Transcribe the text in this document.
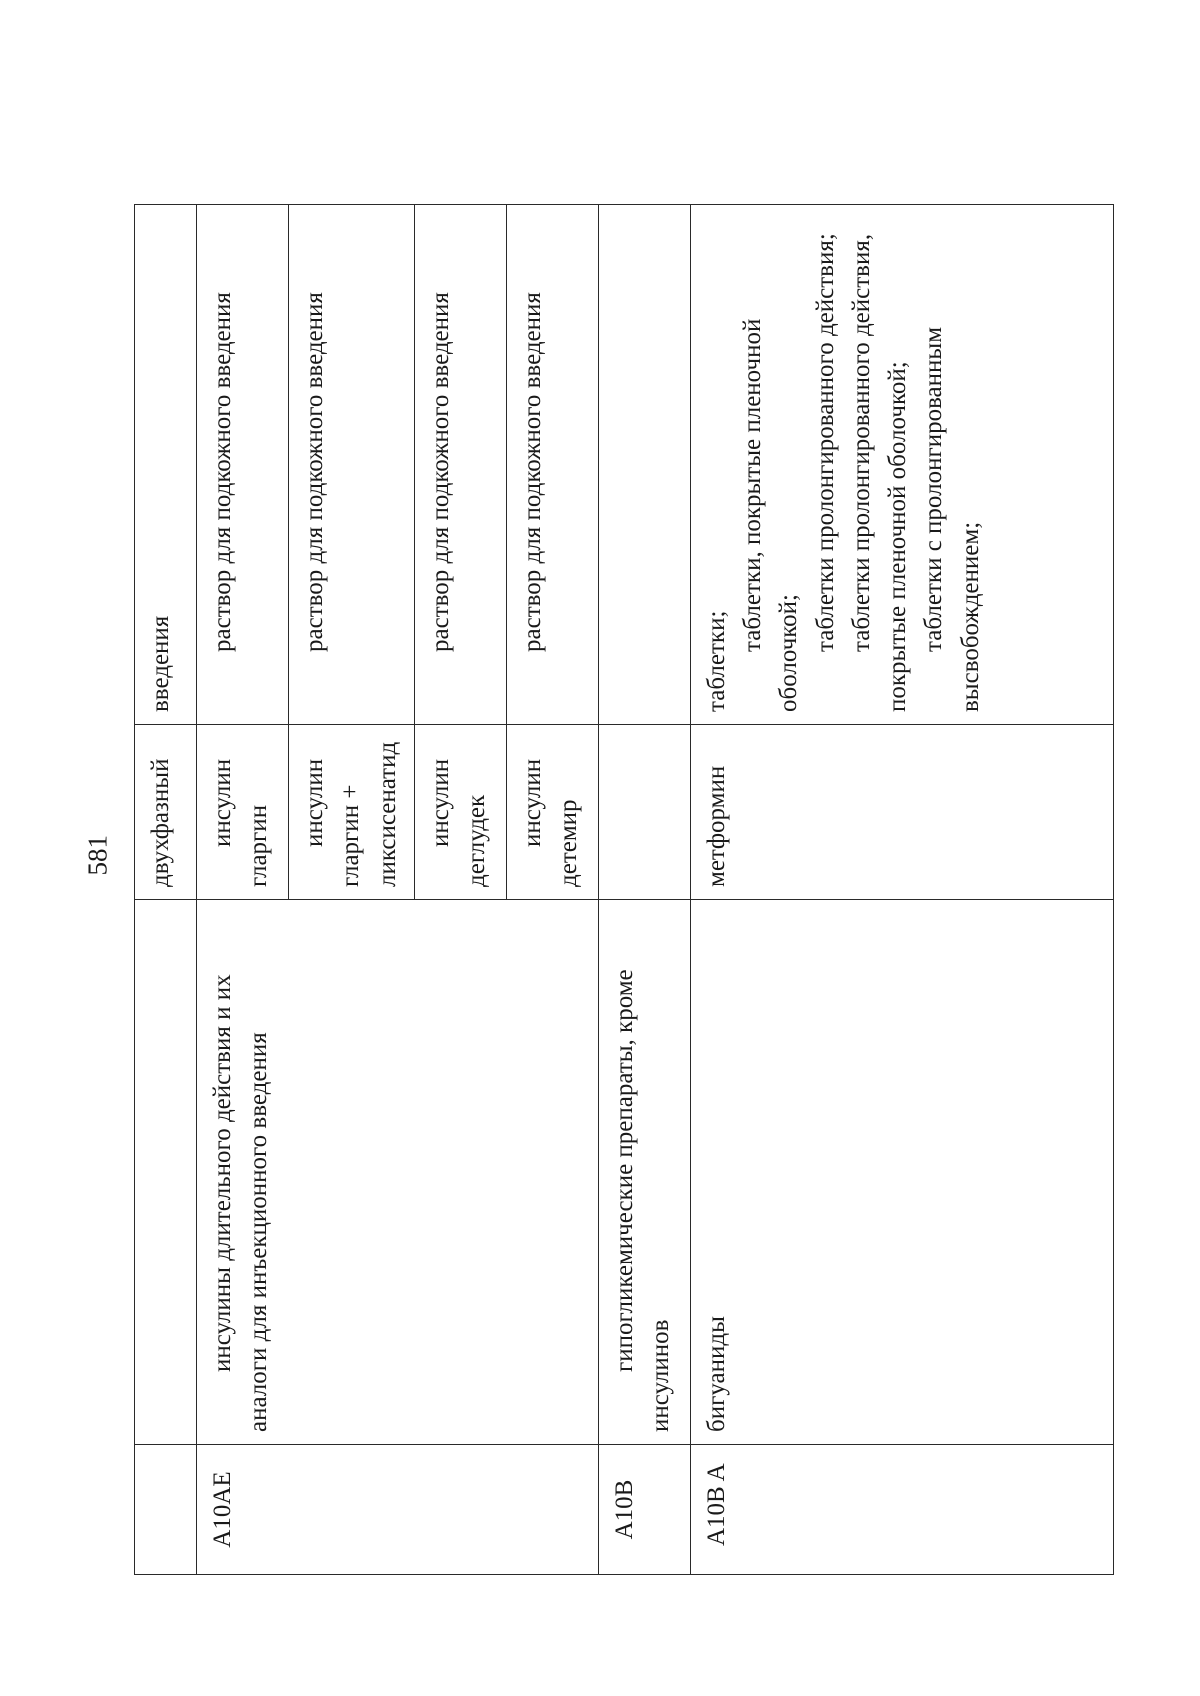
581
		двухфазный	введения

A10AE	инсулины длительного действия и их аналоги для инъекционного введения	инсулин гларгин	раствор для подкожного введения

		инсулин гларгин + ликсисенатид	раствор для подкожного введения

		инсулин деглудек	раствор для подкожного введения

		инсулин детемир	раствор для подкожного введения

A10B	гипогликемические препараты, кроме инсулинов		
A10B A	бигуаниды	метформин	таблетки;
таблетки, покрытые пленочной оболочкой;
таблетки пролонгированного действия; таблетки пролонгированного действия, покрытые пленочной оболочкой; таблетки с пролонгированным высвобождением;
